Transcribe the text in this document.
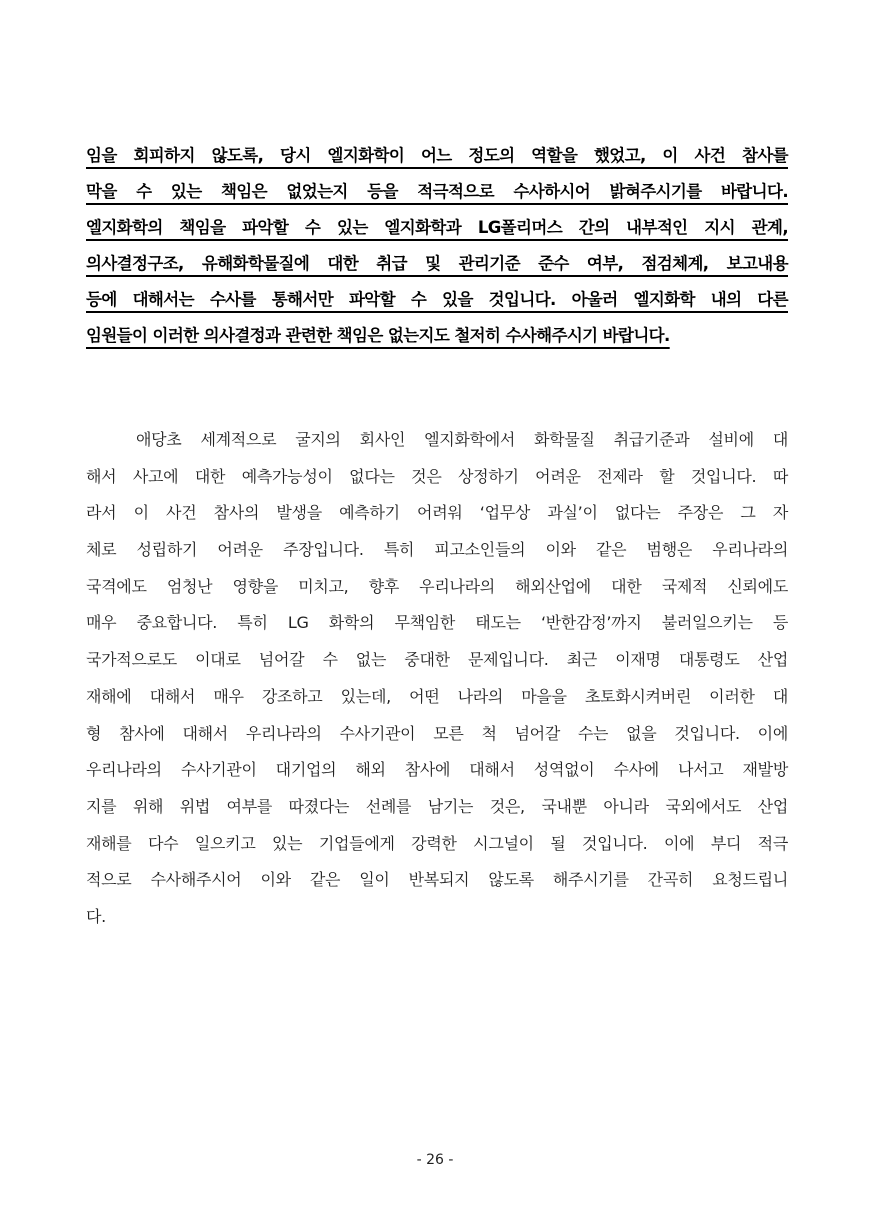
임을 회피하지 않도록, 당시 엘지화학이 어느 정도의 역할을 했었고, 이 사건 참사를
막을 수 있는 책임은 없었는지 등을 적극적으로 수사하시어 밝혀주시기를 바랍니다.
엘지화학의 책임을 파악할 수 있는 엘지화학과 LG폴리머스 간의 내부적인 지시 관계,
의사결정구조, 유해화학물질에 대한 취급 및 관리기준 준수 여부, 점검체계, 보고내용
등에 대해서는 수사를 통해서만 파악할 수 있을 것입니다. 아울러 엘지화학 내의 다른
임원들이 이러한 의사결정과 관련한 책임은 없는지도 철저히 수사해주시기 바랍니다.
애당초 세계적으로 굴지의 회사인 엘지화학에서 화학물질 취급기준과 설비에 대
해서 사고에 대한 예측가능성이 없다는 것은 상정하기 어려운 전제라 할 것입니다. 따
라서 이 사건 참사의 발생을 예측하기 어려워 ‘업무상 과실’이 없다는 주장은 그 자
체로 성립하기 어려운 주장입니다. 특히 피고소인들의 이와 같은 범행은 우리나라의
국격에도 엄청난 영향을 미치고, 향후 우리나라의 해외산업에 대한 국제적 신뢰에도
매우 중요합니다. 특히 LG 화학의 무책임한 태도는 ‘반한감정’까지 불러일으키는 등
국가적으로도 이대로 넘어갈 수 없는 중대한 문제입니다. 최근 이재명 대통령도 산업
재해에 대해서 매우 강조하고 있는데, 어떤 나라의 마을을 초토화시켜버린 이러한 대
형 참사에 대해서 우리나라의 수사기관이 모른 척 넘어갈 수는 없을 것입니다. 이에
우리나라의 수사기관이 대기업의 해외 참사에 대해서 성역없이 수사에 나서고 재발방
지를 위해 위법 여부를 따졌다는 선례를 남기는 것은, 국내뿐 아니라 국외에서도 산업
재해를 다수 일으키고 있는 기업들에게 강력한 시그널이 될 것입니다. 이에 부디 적극
적으로 수사해주시어 이와 같은 일이 반복되지 않도록 해주시기를 간곡히 요청드립니
다.
- 26 -
